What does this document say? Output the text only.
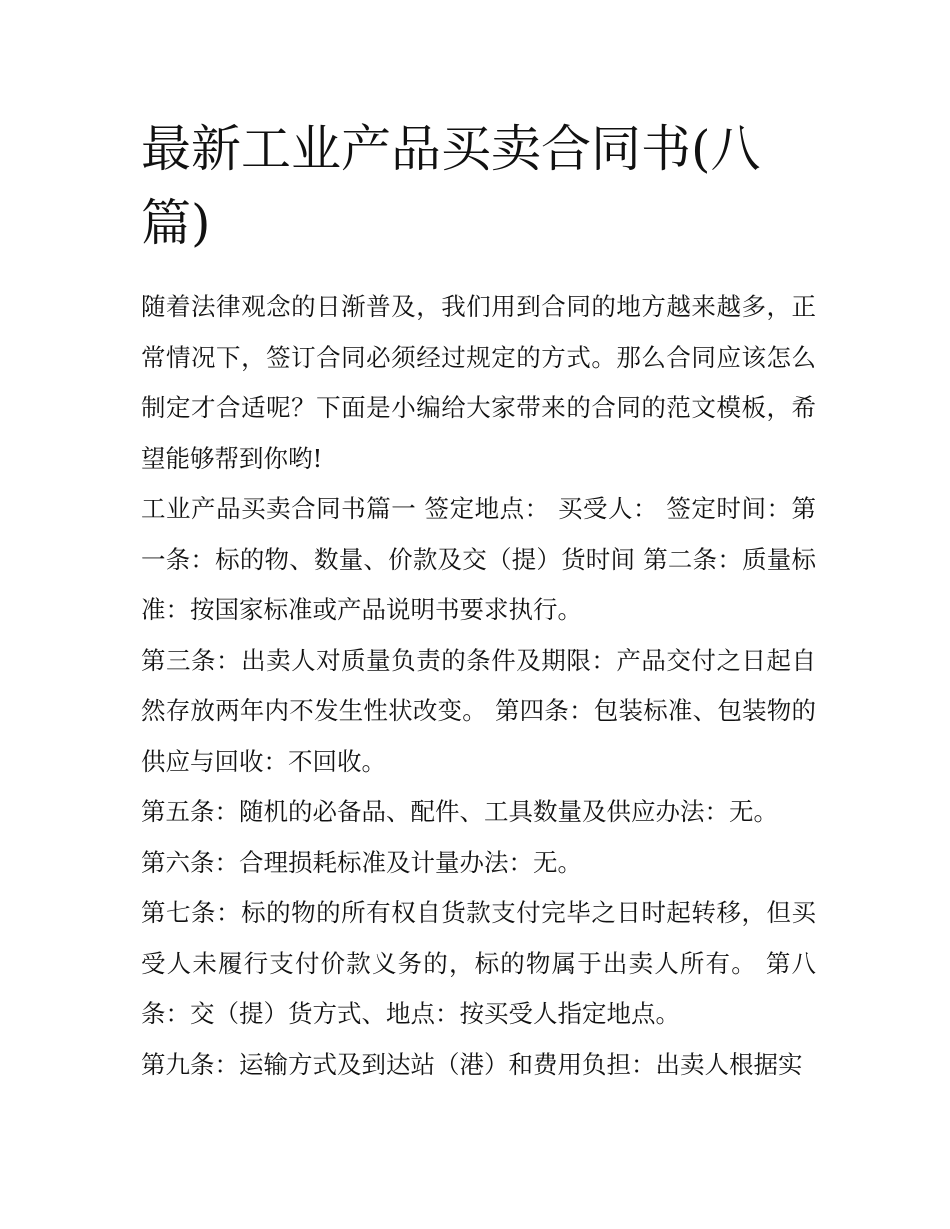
最新工业产品买卖合同书(八篇)

随着法律观念的日渐普及，我们用到合同的地方越来越多，正常情况下，签订合同必须经过规定的方式。那么合同应该怎么制定才合适呢？下面是小编给大家带来的合同的范文模板，希望能够帮到你哟!

工业产品买卖合同书篇一 签定地点： 买受人： 签定时间：第一条：标的物、数量、价款及交（提）货时间 第二条：质量标准：按国家标准或产品说明书要求执行。

第三条：出卖人对质量负责的条件及期限：产品交付之日起自然存放两年内不发生性状改变。 第四条：包装标准、包装物的供应与回收：不回收。

第五条：随机的必备品、配件、工具数量及供应办法：无。

第六条：合理损耗标准及计量办法：无。

第七条：标的物的所有权自货款支付完毕之日时起转移，但买受人未履行支付价款义务的，标的物属于出卖人所有。 第八条：交（提）货方式、地点：按买受人指定地点。

第九条：运输方式及到达站（港）和费用负担：出卖人根据实
